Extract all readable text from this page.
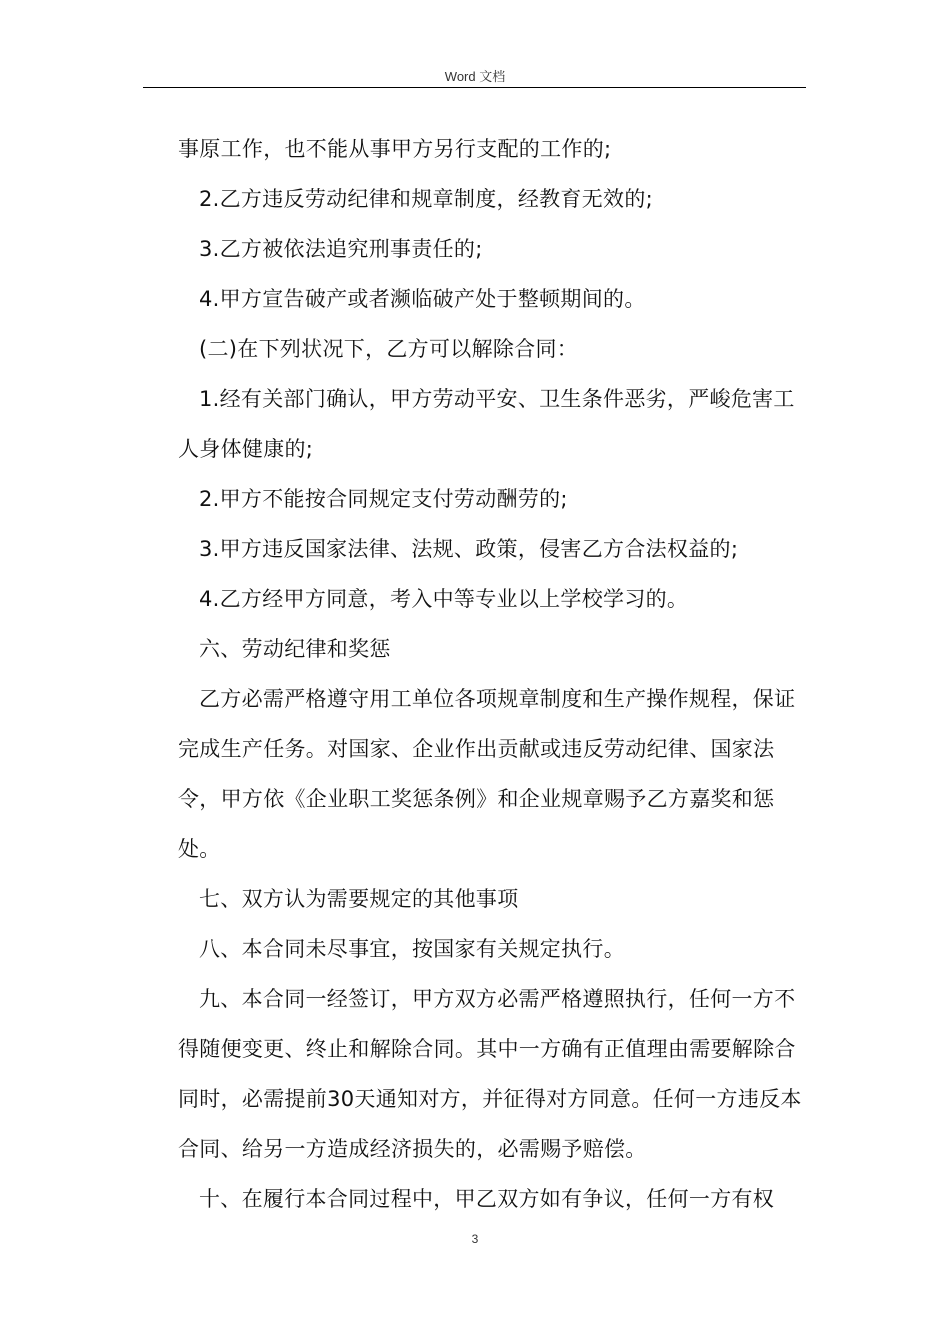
Word 文档

事原工作，也不能从事甲方另行支配的工作的;

2.乙方违反劳动纪律和规章制度，经教育无效的;

3.乙方被依法追究刑事责任的;

4.甲方宣告破产或者濒临破产处于整顿期间的。

(二)在下列状况下，乙方可以解除合同：

1.经有关部门确认，甲方劳动平安、卫生条件恶劣，严峻危害工人身体健康的;

2.甲方不能按合同规定支付劳动酬劳的;

3.甲方违反国家法律、法规、政策，侵害乙方合法权益的;

4.乙方经甲方同意，考入中等专业以上学校学习的。

六、劳动纪律和奖惩

乙方必需严格遵守用工单位各项规章制度和生产操作规程，保证完成生产任务。对国家、企业作出贡献或违反劳动纪律、国家法令，甲方依《企业职工奖惩条例》和企业规章赐予乙方嘉奖和惩处。

七、双方认为需要规定的其他事项

八、本合同未尽事宜，按国家有关规定执行。

九、本合同一经签订，甲方双方必需严格遵照执行，任何一方不得随便变更、终止和解除合同。其中一方确有正值理由需要解除合同时，必需提前30天通知对方，并征得对方同意。任何一方违反本合同、给另一方造成经济损失的，必需赐予赔偿。

十、在履行本合同过程中，甲乙双方如有争议，任何一方有权

3
